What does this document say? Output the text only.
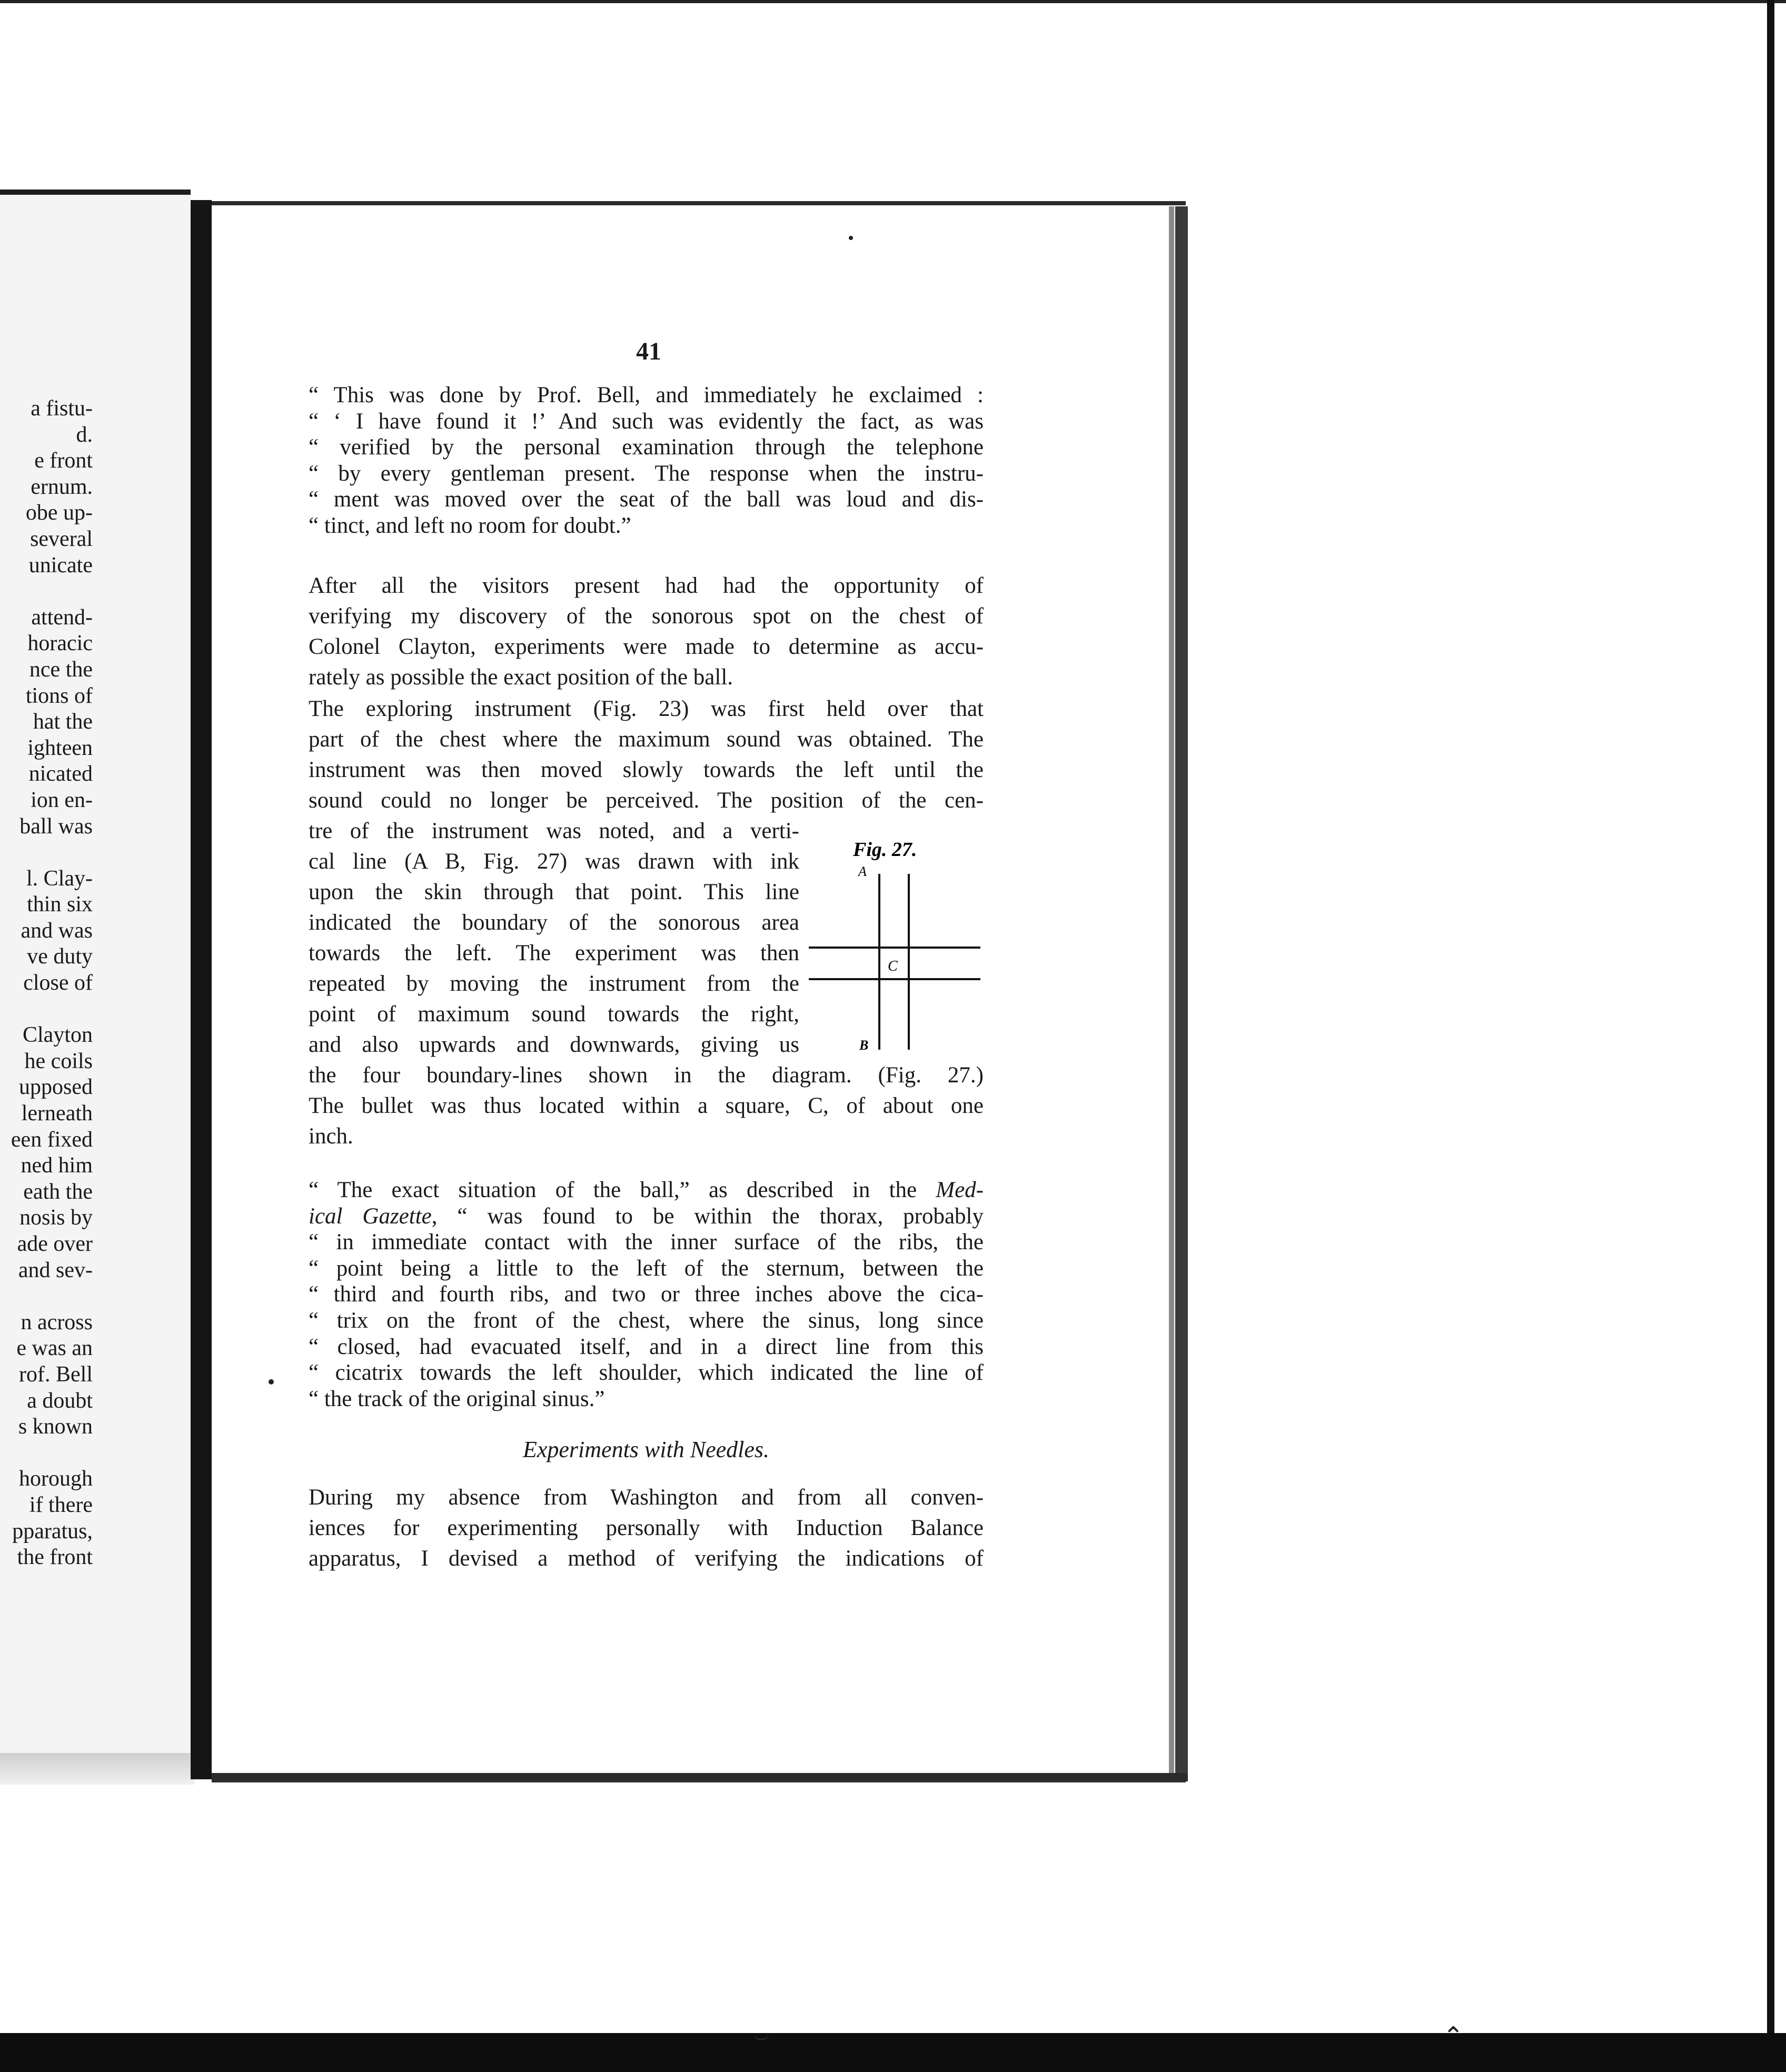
⌣	⌃
a fistu-
d.
e front
ernum.
obe up-
several
unicate
attend-
horacic
nce the
tions of
hat the
ighteen
nicated
ion en-
ball was
l. Clay-
thin six
and was
ve duty
close of
Clayton
he coils
upposed
lerneath
een fixed
ned him
eath the
nosis by
ade over
and sev-
n across
e was an
rof. Bell
a doubt
s known
horough
if there
pparatus,
the front
41
“ This was done by Prof. Bell, and immediately he exclaimed :
“ ‘ I have found it !’ And such was evidently the fact, as was
“ verified by the personal examination through the telephone
“ by every gentleman present. The response when the instru-
“ ment was moved over the seat of the ball was loud and dis-
“ tinct, and left no room for doubt.”
After all the visitors present had had the opportunity of
verifying my discovery of the sonorous spot on the chest of
Colonel Clayton, experiments were made to determine as accu-
rately as possible the exact position of the ball.
The exploring instrument (Fig. 23) was first held over that
part of the chest where the maximum sound was obtained. The
instrument was then moved slowly towards the left until the
sound could no longer be perceived. The position of the cen-
tre of the instrument was noted, and a verti-
cal line (A B, Fig. 27) was drawn with ink
upon the skin through that point. This line
indicated the boundary of the sonorous area
towards the left. The experiment was then
repeated by moving the instrument from the
point of maximum sound towards the right,
and also upwards and downwards, giving us
the four boundary-lines shown in the diagram. (Fig. 27.)
The bullet was thus located within a square, C, of about one
inch.
Fig. 27.
A
C
B
“ The exact situation of the ball,” as described in the Med-
ical Gazette, “ was found to be within the thorax, probably
“ in immediate contact with the inner surface of the ribs, the
“ point being a little to the left of the sternum, between the
“ third and fourth ribs, and two or three inches above the cica-
“ trix on the front of the chest, where the sinus, long since
“ closed, had evacuated itself, and in a direct line from this
“ cicatrix towards the left shoulder, which indicated the line of
“ the track of the original sinus.”
Experiments with Needles.
During my absence from Washington and from all conven-
iences for experimenting personally with Induction Balance
apparatus, I devised a method of verifying the indications of
